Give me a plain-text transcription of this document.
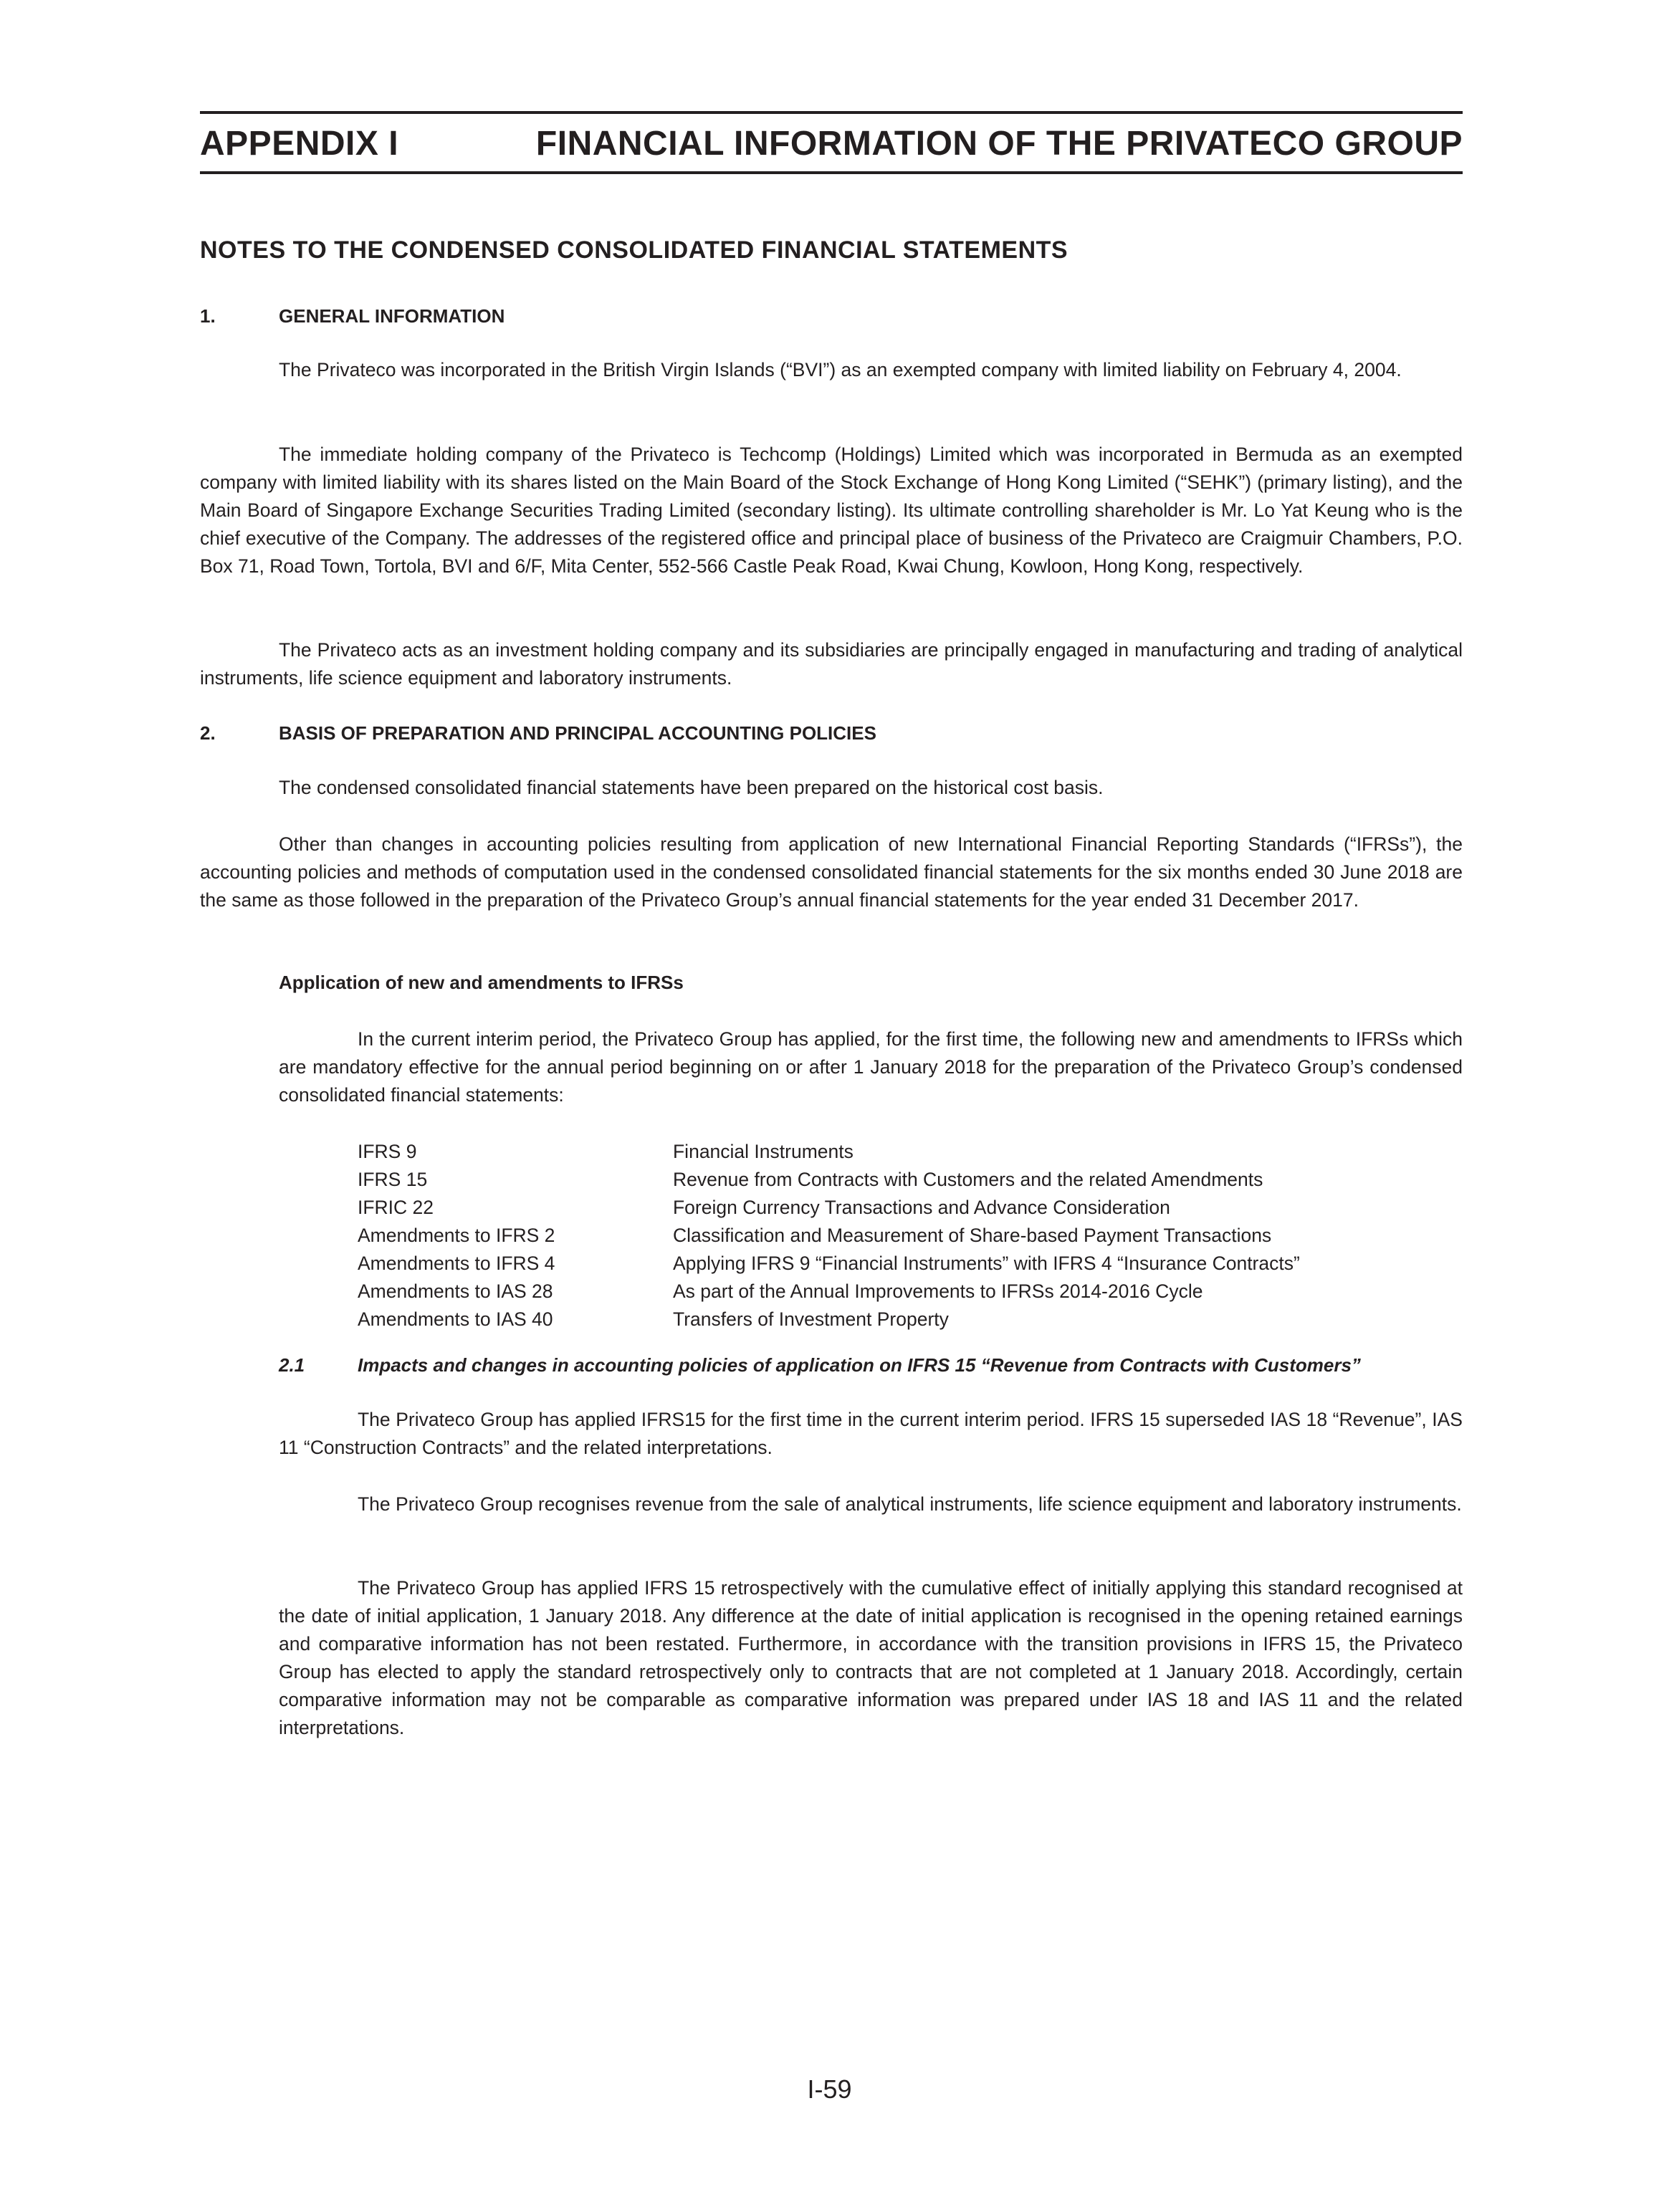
APPENDIX I	FINANCIAL INFORMATION OF THE PRIVATECO GROUP
NOTES TO THE CONDENSED CONSOLIDATED FINANCIAL STATEMENTS
1.	GENERAL INFORMATION
The Privateco was incorporated in the British Virgin Islands (“BVI”) as an exempted company with limited liability on February 4, 2004.
The immediate holding company of the Privateco is Techcomp (Holdings) Limited which was incorporated in Bermuda as an exempted company with limited liability with its shares listed on the Main Board of the Stock Exchange of Hong Kong Limited (“SEHK”) (primary listing), and the Main Board of Singapore Exchange Securities Trading Limited (secondary listing). Its ultimate controlling shareholder is Mr. Lo Yat Keung who is the chief executive of the Company. The addresses of the registered office and principal place of business of the Privateco are Craigmuir Chambers, P.O. Box 71, Road Town, Tortola, BVI and 6/F, Mita Center, 552-566 Castle Peak Road, Kwai Chung, Kowloon, Hong Kong, respectively.
The Privateco acts as an investment holding company and its subsidiaries are principally engaged in manufacturing and trading of analytical instruments, life science equipment and laboratory instruments.
2.	BASIS OF PREPARATION AND PRINCIPAL ACCOUNTING POLICIES
The condensed consolidated financial statements have been prepared on the historical cost basis.
Other than changes in accounting policies resulting from application of new International Financial Reporting Standards (“IFRSs”), the accounting policies and methods of computation used in the condensed consolidated financial statements for the six months ended 30 June 2018 are the same as those followed in the preparation of the Privateco Group’s annual financial statements for the year ended 31 December 2017.
Application of new and amendments to IFRSs
In the current interim period, the Privateco Group has applied, for the first time, the following new and amendments to IFRSs which are mandatory effective for the annual period beginning on or after 1 January 2018 for the preparation of the Privateco Group’s condensed consolidated financial statements:
IFRS 9	Financial Instruments
IFRS 15	Revenue from Contracts with Customers and the related Amendments
IFRIC 22	Foreign Currency Transactions and Advance Consideration
Amendments to IFRS 2	Classification and Measurement of Share-based Payment Transactions
Amendments to IFRS 4	Applying IFRS 9 “Financial Instruments” with IFRS 4 “Insurance Contracts”
Amendments to IAS 28	As part of the Annual Improvements to IFRSs 2014-2016 Cycle
Amendments to IAS 40	Transfers of Investment Property
2.1	Impacts and changes in accounting policies of application on IFRS 15 “Revenue from Contracts with Customers”
The Privateco Group has applied IFRS15 for the first time in the current interim period. IFRS 15 superseded IAS 18 “Revenue”, IAS 11 “Construction Contracts” and the related interpretations.
The Privateco Group recognises revenue from the sale of analytical instruments, life science equipment and laboratory instruments.
The Privateco Group has applied IFRS 15 retrospectively with the cumulative effect of initially applying this standard recognised at the date of initial application, 1 January 2018. Any difference at the date of initial application is recognised in the opening retained earnings and comparative information has not been restated. Furthermore, in accordance with the transition provisions in IFRS 15, the Privateco Group has elected to apply the standard retrospectively only to contracts that are not completed at 1 January 2018. Accordingly, certain comparative information may not be comparable as comparative information was prepared under IAS 18 and IAS 11 and the related interpretations.
I-59
